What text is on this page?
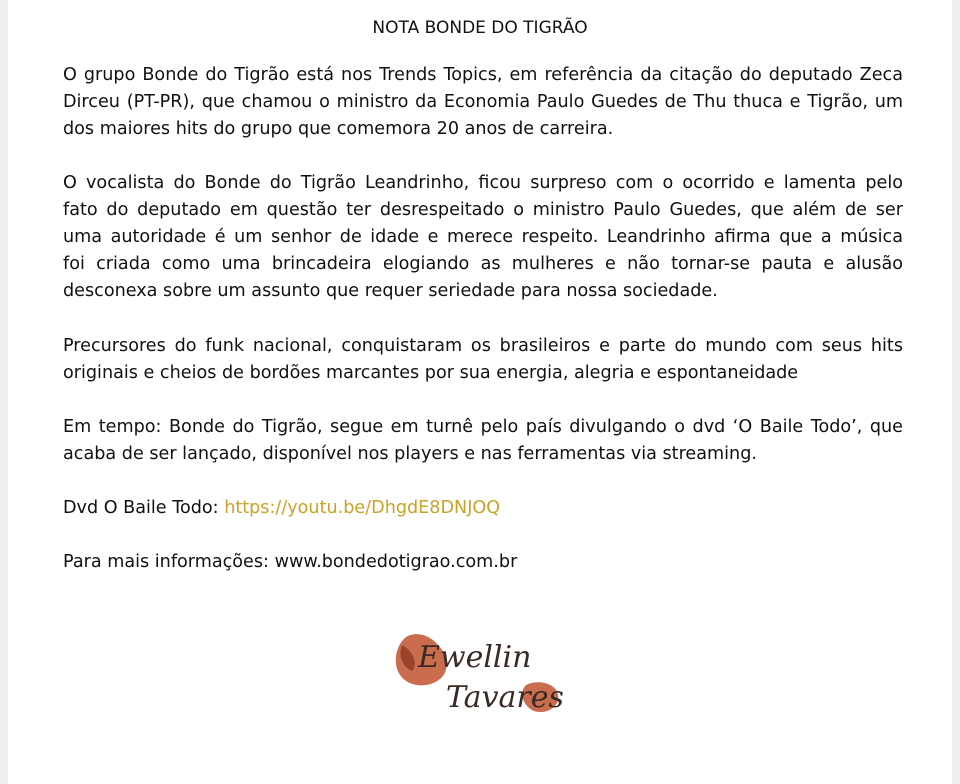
NOTA BONDE DO TIGRÃO

O grupo Bonde do Tigrão está nos Trends Topics, em referência da citação do deputado Zeca
Dirceu (PT-PR), que chamou o ministro da Economia Paulo Guedes de Thu thuca e Tigrão, um
dos maiores hits do grupo que comemora 20 anos de carreira.

O vocalista do Bonde do Tigrão Leandrinho, ficou surpreso com o ocorrido e lamenta pelo
fato do deputado em questão ter desrespeitado o ministro Paulo Guedes, que além de ser
uma autoridade é um senhor de idade e merece respeito. Leandrinho afirma que a música
foi criada como uma brincadeira elogiando as mulheres e não tornar-se pauta e alusão
desconexa sobre um assunto que requer seriedade para nossa sociedade.

Precursores do funk nacional, conquistaram os brasileiros e parte do mundo com seus hits
originais e cheios de bordões marcantes por sua energia, alegria e espontaneidade

Em tempo: Bonde do Tigrão, segue em turnê pelo país divulgando o dvd ‘O Baile Todo’, que
acaba de ser lançado, disponível nos players e nas ferramentas via streaming.

Dvd O Baile Todo: https://youtu.be/DhgdE8DNJOQ

Para mais informações: www.bondedotigrao.com.br

Ewellin
Tavares
